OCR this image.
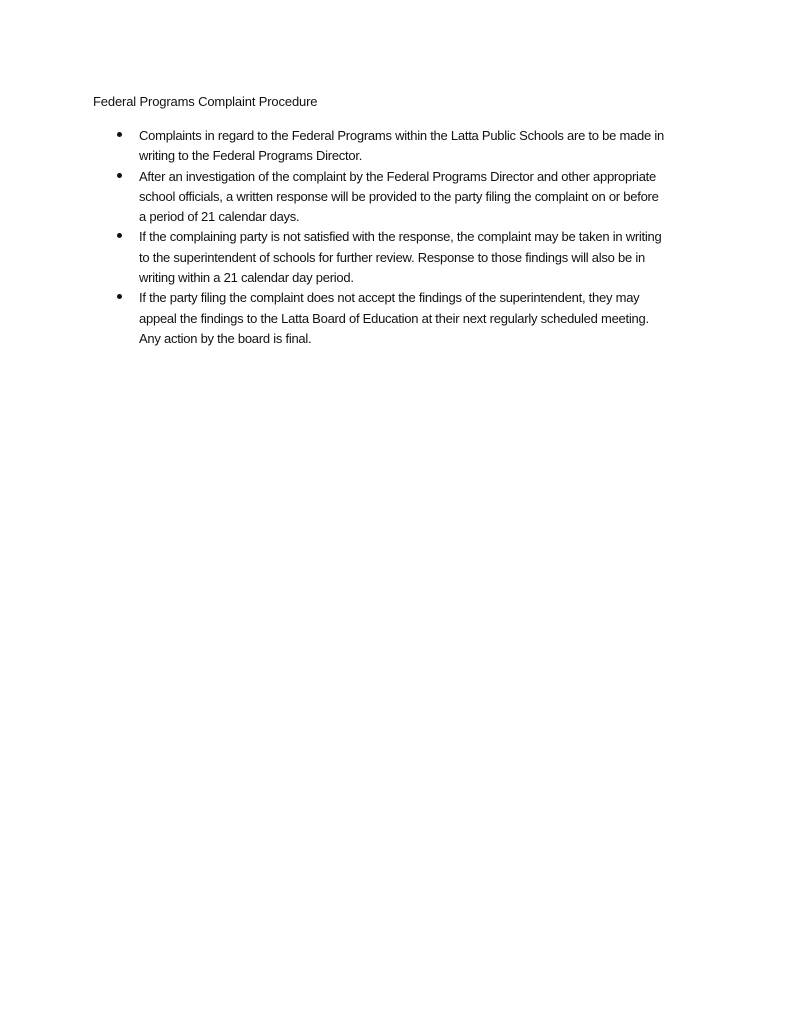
Federal Programs Complaint Procedure
Complaints in regard to the Federal Programs within the Latta Public Schools are to be made in
writing to the Federal Programs Director.
After an investigation of the complaint by the Federal Programs Director and other appropriate
school officials, a written response will be provided to the party filing the complaint on or before
a period of 21 calendar days.
If the complaining party is not satisfied with the response, the complaint may be taken in writing
to the superintendent of schools for further review. Response to those findings will also be in
writing within a 21 calendar day period.
If the party filing the complaint does not accept the findings of the superintendent, they may
appeal the findings to the Latta Board of Education at their next regularly scheduled meeting.
Any action by the board is final.
